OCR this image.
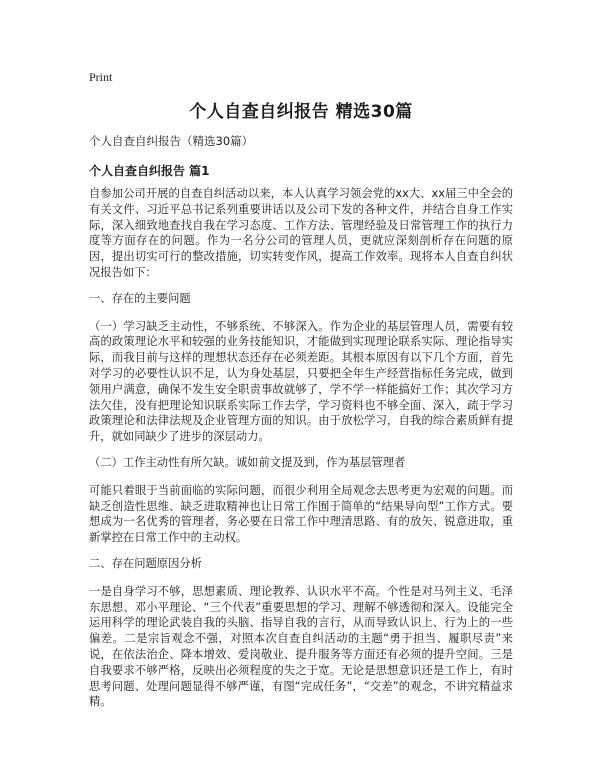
Print
个人自查自纠报告 精选30篇

个人自查自纠报告（精选30篇）

个人自查自纠报告 篇1

自参加公司开展的自查自纠活动以来，本人认真学习领会党的xx大、xx届三中全会的有关文件、习近平总书记系列重要讲话以及公司下发的各种文件，并结合自身工作实际，深入细致地查找自我在学习态度、工作方法、管理经验及日常管理工作的执行力度等方面存在的问题。作为一名分公司的管理人员，更就应深刻剖析存在问题的原因，提出切实可行的整改措施，切实转变作风，提高工作效率。现将本人自查自纠状况报告如下：

一、存在的主要问题

（一）学习缺乏主动性，不够系统、不够深入。作为企业的基层管理人员，需要有较高的政策理论水平和较强的业务技能知识，才能做到实现理论联系实际、理论指导实际，而我目前与这样的理想状态还存在必须差距。其根本原因有以下几个方面，首先对学习的必要性认识不足，认为身处基层，只要把全年生产经营指标任务完成，做到领用户满意，确保不发生安全职责事故就够了，学不学一样能搞好工作；其次学习方法欠佳，没有把理论知识联系实际工作去学，学习资料也不够全面、深入，疏于学习政策理论和法律法规及企业管理方面的知识。由于放松学习，自我的综合素质鲜有提升，就如同缺少了进步的深层动力。

（二）工作主动性有所欠缺。诚如前文提及到，作为基层管理者

可能只着眼于当前面临的实际问题，而很少利用全局观念去思考更为宏观的问题。而缺乏创造性思维、缺乏进取精神也让日常工作囿于简单的“结果导向型”工作方式。要想成为一名优秀的管理者，务必要在日常工作中理清思路、有的放矢、锐意进取，重新掌控在日常工作中的主动权。

二、存在问题原因分析

一是自身学习不够，思想素质、理论教养、认识水平不高。个性是对马列主义、毛泽东思想、邓小平理论、“三个代表”重要思想的学习、理解不够透彻和深入。设能完全运用科学的理论武装自我的头脑、指导自我的言行，从而导致认识上、行为上的一些偏差。二是宗旨观念不强，对照本次自查自纠活动的主题“勇于担当、履职尽责”来说，在依法治企、降本增效、爱岗敬业、提升服务等方面还有必须的提升空间。三是自我要求不够严格，反映出必须程度的失之于宽。无论是思想意识还是工作上，有时思考问题、处理问题显得不够严谨，有图“完成任务”，“交差”的观念，不讲究精益求精。
